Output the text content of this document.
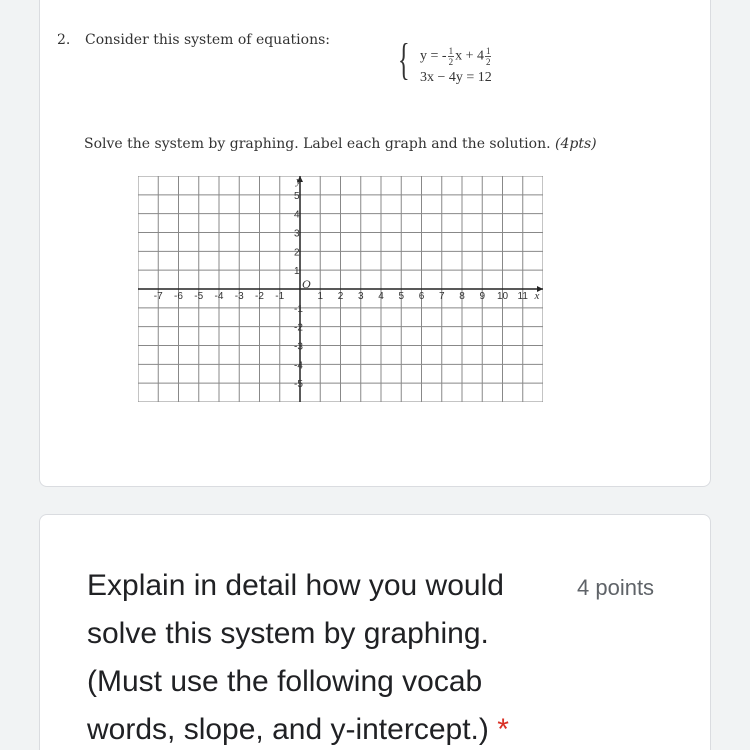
2. Consider this system of equations: { y = - $\frac{1}{2}$ $x + 4 \frac{1}{2}$
3x − 4y = 12
Solve the system by graphing. Label each graph and the solution. (4pts)
-7 -6 -5 -4 -3 -2 -1	1 2 3 4 5 6 7 8 9 10 11
5
4
3
2
1
-1
-2
-3
-4
-5
x
y
O
Explain in detail how you would solve this system by graphing. (Must use the following vocab words, slope, and y-intercept.) *
4 points
